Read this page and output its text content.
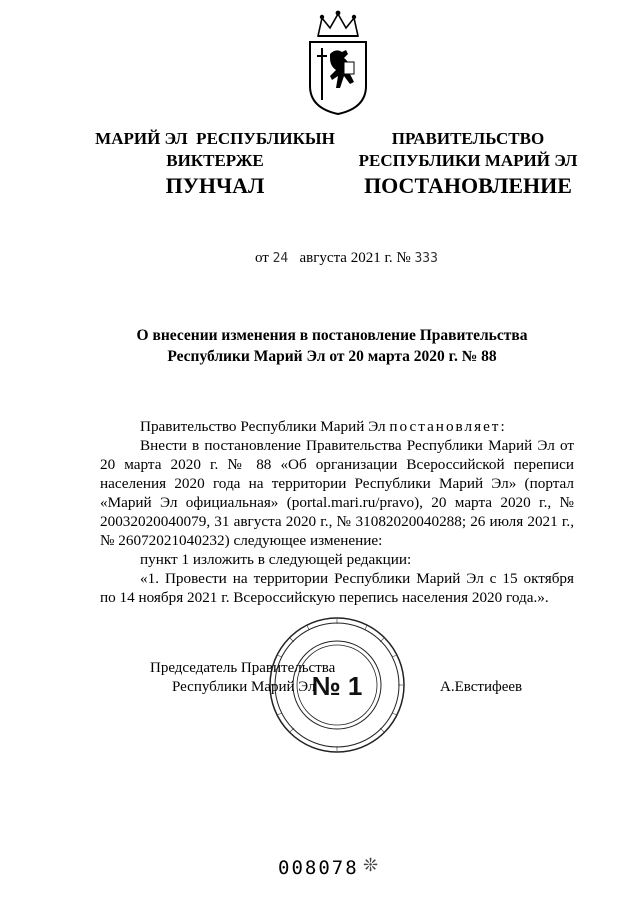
МАРИЙ ЭЛ  РЕСПУБЛИКЫН
ВИКТЕРЖЕ
ПРАВИТЕЛЬСТВО
РЕСПУБЛИКИ МАРИЙ ЭЛ
ПУНЧАЛ	ПОСТАНОВЛЕНИЕ
от 24 августа 2021 г. № 333
О внесении изменения в постановление Правительства
Республики Марий Эл от 20 марта 2020 г. № 88

Правительство Республики Марий Эл постановляет:

Внести в постановление Правительства Республики Марий Эл от 20 марта 2020 г. № 88 «Об организации Всероссийской переписи населения 2020 года на территории Республики Марий Эл» (портал «Марий Эл официальная» (portal.mari.ru/pravo), 20 марта 2020 г., № 20032020040079, 31 августа 2020 г., № 31082020040288; 26 июля 2021 г., № 26072021040232) следующее изменение:

пункт 1 изложить в следующей редакции:

«1. Провести на территории Республики Марий Эл с 15 октября по 14 ноября 2021 г. Всероссийскую перепись населения 2020 года.».

№ 1
Председатель Правительства
Республики Марий Эл	А.Евстифеев
008078 ❊
